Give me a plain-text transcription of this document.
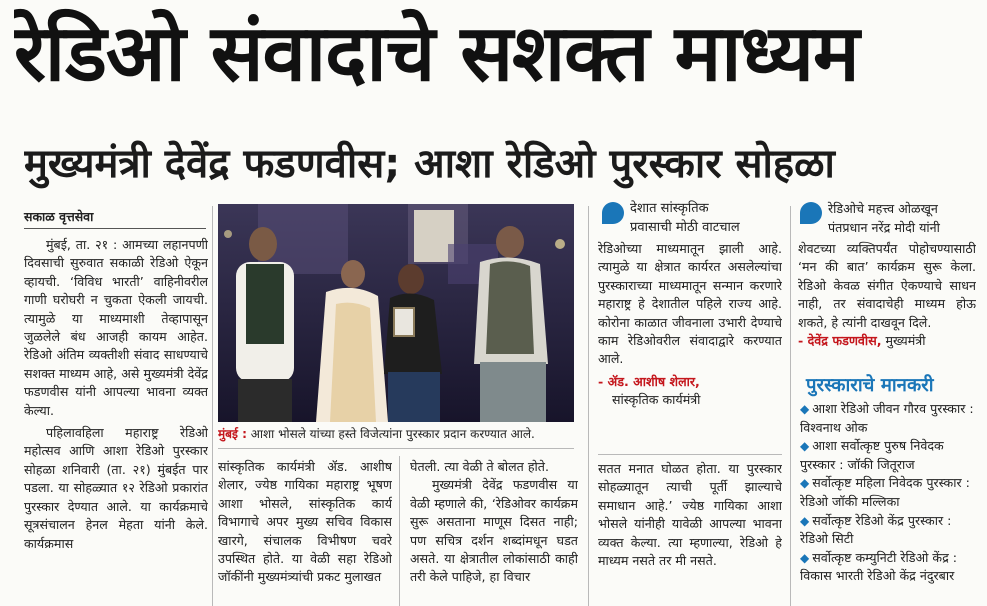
रेडिओ संवादाचे सशक्त माध्यम
मुख्यमंत्री देवेंद्र फडणवीस; आशा रेडिओ पुरस्कार सोहळा
सकाळ वृत्तसेवा

मुंबई, ता. २१ : आमच्या लहानपणी दिवसाची सुरुवात सकाळी रेडिओ ऐकून व्हायची. ‘विविध भारती’ वाहिनीवरील गाणी घरोघरी न चुकता ऐकली जायची. त्यामुळे या माध्यमाशी तेव्हापासून जुळलेले बंध आजही कायम आहेत. रेडिओ अंतिम व्यक्तीशी संवाद साधण्याचे सशक्त माध्यम आहे, असे मुख्यमंत्री देवेंद्र फडणवीस यांनी आपल्या भावना व्यक्त केल्या.

पहिलावहिला महाराष्ट्र रेडिओ महोत्सव आणि आशा रेडिओ पुरस्कार सोहळा शनिवारी (ता. २१) मुंबईत पार पडला. या सोहळ्यात १२ रेडिओ प्रकारांत पुरस्कार देण्यात आले. या कार्यक्रमाचे सूत्रसंचालन हेनल मेहता यांनी केले. कार्यक्रमास

मुंबई : आशा भोसले यांच्या हस्ते विजेत्यांना पुरस्कार प्रदान करण्यात आले.

सांस्कृतिक कार्यमंत्री ॲड. आशीष शेलार, ज्येष्ठ गायिका महाराष्ट्र भूषण आशा भोसले, सांस्कृतिक कार्य विभागाचे अपर मुख्य सचिव विकास खारगे, संचालक विभीषण चवरे उपस्थित होते. या वेळी सहा रेडिओ जॉकींनी मुख्यमंत्र्यांची प्रकट मुलाखत

घेतली. त्या वेळी ते बोलत होते.

मुख्यमंत्री देवेंद्र फडणवीस या वेळी म्हणाले की, ‘रेडिओवर कार्यक्रम सुरू असताना माणूस दिसत नाही; पण सचित्र दर्शन शब्दांमधून घडत असते. या क्षेत्रातील लोकांसाठी काही तरी केले पाहिजे, हा विचार

देशात सांस्कृतिक
प्रवासाची मोठी वाटचाल

रेडिओच्या माध्यमातून झाली आहे. त्यामुळे या क्षेत्रात कार्यरत असलेल्यांचा पुरस्काराच्या माध्यमातून सन्मान करणारे महाराष्ट्र हे देशातील पहिले राज्य आहे. कोरोना काळात जीवनाला उभारी देण्याचे काम रेडिओवरील संवादाद्वारे करण्यात आले.

- ॲड. आशीष शेलार,

सांस्कृतिक कार्यमंत्री

सतत मनात घोळत होता. या पुरस्कार सोहळ्यातून त्याची पूर्ती झाल्याचे समाधान आहे.’ ज्येष्ठ गायिका आशा भोसले यांनीही यावेळी आपल्या भावना व्यक्त केल्या. त्या म्हणाल्या, रेडिओ हे माध्यम नसते तर मी नसते.

रेडिओचे महत्त्व ओळखून
पंतप्रधान नरेंद्र मोदी यांनी

शेवटच्या व्यक्तिपर्यंत पोहोचण्यासाठी ‘मन की बात’ कार्यक्रम सुरू केला. रेडिओ केवळ संगीत ऐकण्याचे साधन नाही, तर संवादाचेही माध्यम होऊ शकते, हे त्यांनी दाखवून दिले.

- देवेंद्र फडणवीस, मुख्यमंत्री

पुरस्काराचे मानकरी
◆ आशा रेडिओ जीवन गौरव पुरस्कार : विश्वनाथ ओक
◆ आशा सर्वोत्कृष्ट पुरुष निवेदक पुरस्कार : जॉकी जितूराज
◆ सर्वोत्कृष्ट महिला निवेदक पुरस्कार : रेडिओ जॉकी मल्लिका
◆ सर्वोत्कृष्ट रेडिओ केंद्र पुरस्कार : रेडिओ सिटी
◆ सर्वोत्कृष्ट कम्युनिटी रेडिओ केंद्र : विकास भारती रेडिओ केंद्र नंदुरबार
